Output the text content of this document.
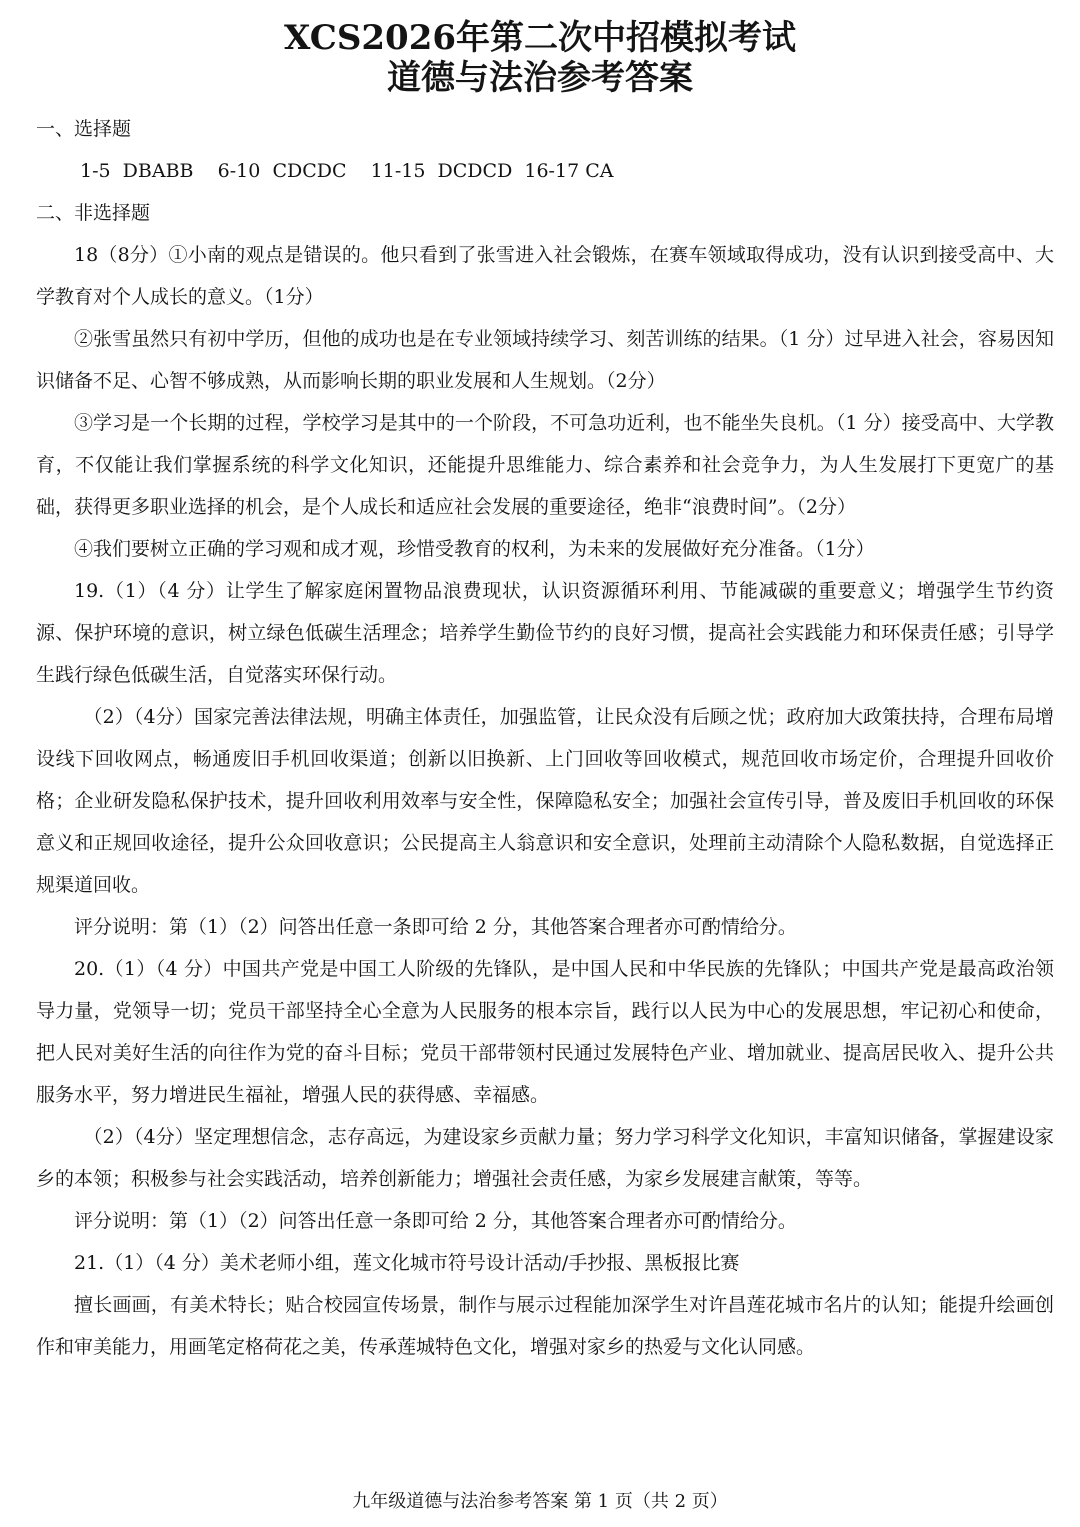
XCS2026年第二次中招模拟考试
道德与法治参考答案
一、选择题
1-5  DBABB    6-10  CDCDC    11-15  DCDCD  16-17 CA
二、非选择题

18（8分）①小南的观点是错误的。他只看到了张雪进入社会锻炼，在赛车领域取得成功，没有认识到接受高中、大学教育对个人成长的意义。（1分）

②张雪虽然只有初中学历，但他的成功也是在专业领域持续学习、刻苦训练的结果。（1 分）过早进入社会，容易因知识储备不足、心智不够成熟，从而影响长期的职业发展和人生规划。（2分）

③学习是一个长期的过程，学校学习是其中的一个阶段，不可急功近利，也不能坐失良机。（1 分）接受高中、大学教育，不仅能让我们掌握系统的科学文化知识，还能提升思维能力、综合素养和社会竞争力，为人生发展打下更宽广的基础，获得更多职业选择的机会，是个人成长和适应社会发展的重要途径，绝非“浪费时间”。（2分）

④我们要树立正确的学习观和成才观，珍惜受教育的权利，为未来的发展做好充分准备。（1分）

19.（1）（4 分）让学生了解家庭闲置物品浪费现状，认识资源循环利用、节能减碳的重要意义；增强学生节约资源、保护环境的意识，树立绿色低碳生活理念；培养学生勤俭节约的良好习惯，提高社会实践能力和环保责任感；引导学生践行绿色低碳生活，自觉落实环保行动。

（2）（4分）国家完善法律法规，明确主体责任，加强监管，让民众没有后顾之忧；政府加大政策扶持，合理布局增设线下回收网点，畅通废旧手机回收渠道；创新以旧换新、上门回收等回收模式，规范回收市场定价，合理提升回收价格；企业研发隐私保护技术，提升回收利用效率与安全性，保障隐私安全；加强社会宣传引导，普及废旧手机回收的环保意义和正规回收途径，提升公众回收意识；公民提高主人翁意识和安全意识，处理前主动清除个人隐私数据，自觉选择正规渠道回收。

评分说明：第（1）（2）问答出任意一条即可给 2 分，其他答案合理者亦可酌情给分。

20.（1）（4 分）中国共产党是中国工人阶级的先锋队，是中国人民和中华民族的先锋队；中国共产党是最高政治领导力量，党领导一切；党员干部坚持全心全意为人民服务的根本宗旨，践行以人民为中心的发展思想，牢记初心和使命，把人民对美好生活的向往作为党的奋斗目标；党员干部带领村民通过发展特色产业、增加就业、提高居民收入、提升公共服务水平，努力增进民生福祉，增强人民的获得感、幸福感。

（2）（4分）坚定理想信念，志存高远，为建设家乡贡献力量；努力学习科学文化知识，丰富知识储备，掌握建设家乡的本领；积极参与社会实践活动，培养创新能力；增强社会责任感，为家乡发展建言献策，等等。

评分说明：第（1）（2）问答出任意一条即可给 2 分，其他答案合理者亦可酌情给分。

21.（1）（4 分）美术老师小组，莲文化城市符号设计活动/手抄报、黑板报比赛

擅长画画，有美术特长；贴合校园宣传场景，制作与展示过程能加深学生对许昌莲花城市名片的认知；能提升绘画创作和审美能力，用画笔定格荷花之美，传承莲城特色文化，增强对家乡的热爱与文化认同感。

九年级道德与法治参考答案 第 1 页（共 2 页）
